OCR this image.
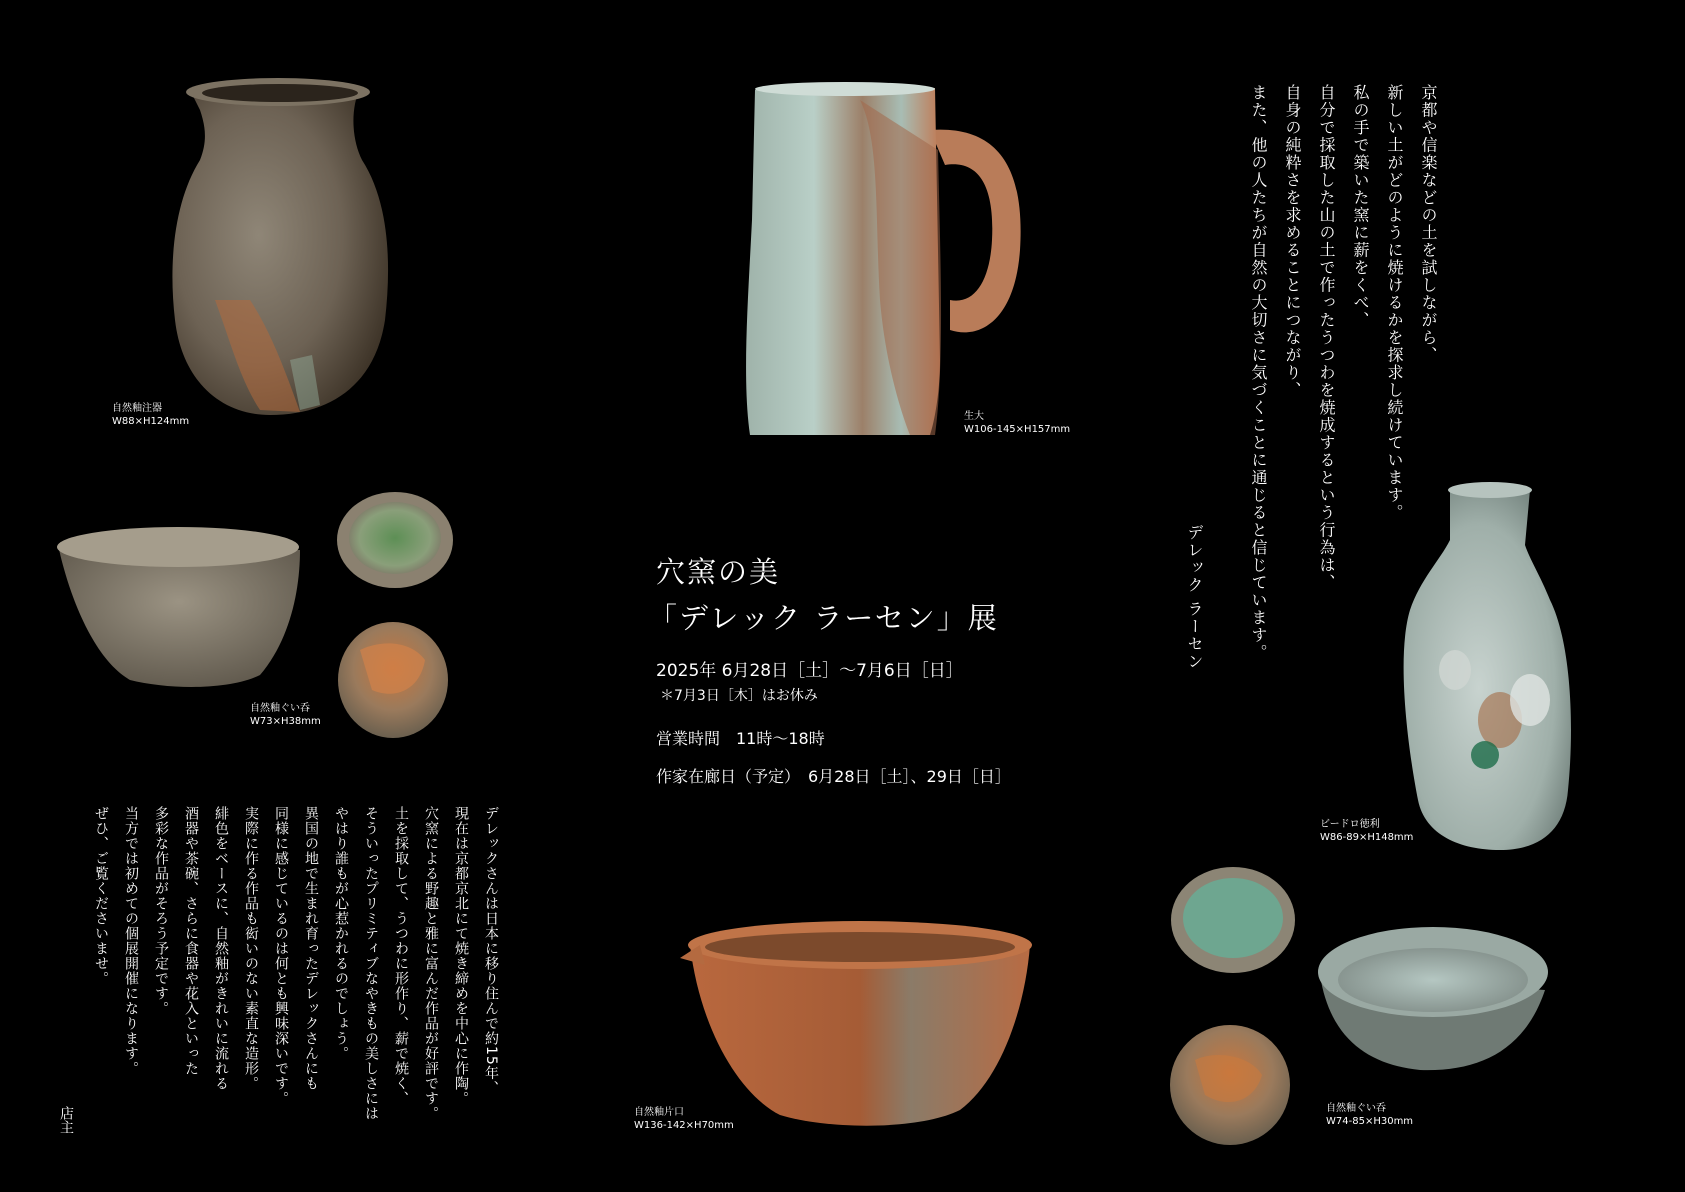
自然釉注器
W88×H124mm	生大
W106-145×H157mm
自然釉ぐい呑
W73×H38mm
ビードロ徳利
W86-89×H148mm
自然釉片口
W136-142×H70mm
自然釉ぐい呑
W74-85×H30mm
穴窯の美
「デレック ラーセン」展
2025年 6月28日［土］〜7月6日［日］
＊7月3日［木］はお休み
営業時間　11時〜18時
作家在廊日（予定）　6月28日［土］、29日［日］
京都や信楽などの土を試しながら、
新しい土がどのように焼けるかを探求し続けています。
私の手で築いた窯に薪をくべ、
自分で採取した山の土で作ったうつわを焼成するという行為は、
自身の純粋さを求めることにつながり、
また、他の人たちが自然の大切さに気づくことに通じると信じています。
デレック ラーセン
デレックさんは日本に移り住んで約15年、
現在は京都京北にて焼き締めを中心に作陶。
穴窯による野趣と雅に富んだ作品が好評です。
土を採取して、うつわに形作り、薪で焼く、
そういったプリミティブなやきもの美しさには
やはり誰もが心惹かれるのでしょう。
異国の地で生まれ育ったデレックさんにも
同様に感じているのは何とも興味深いです。
実際に作る作品も衒いのない素直な造形。
緋色をベースに、自然釉がきれいに流れる
酒器や茶碗、さらに食器や花入といった
多彩な作品がそろう予定です。
当方では初めての個展開催になります。
ぜひ、ご覧くださいませ。
店主
